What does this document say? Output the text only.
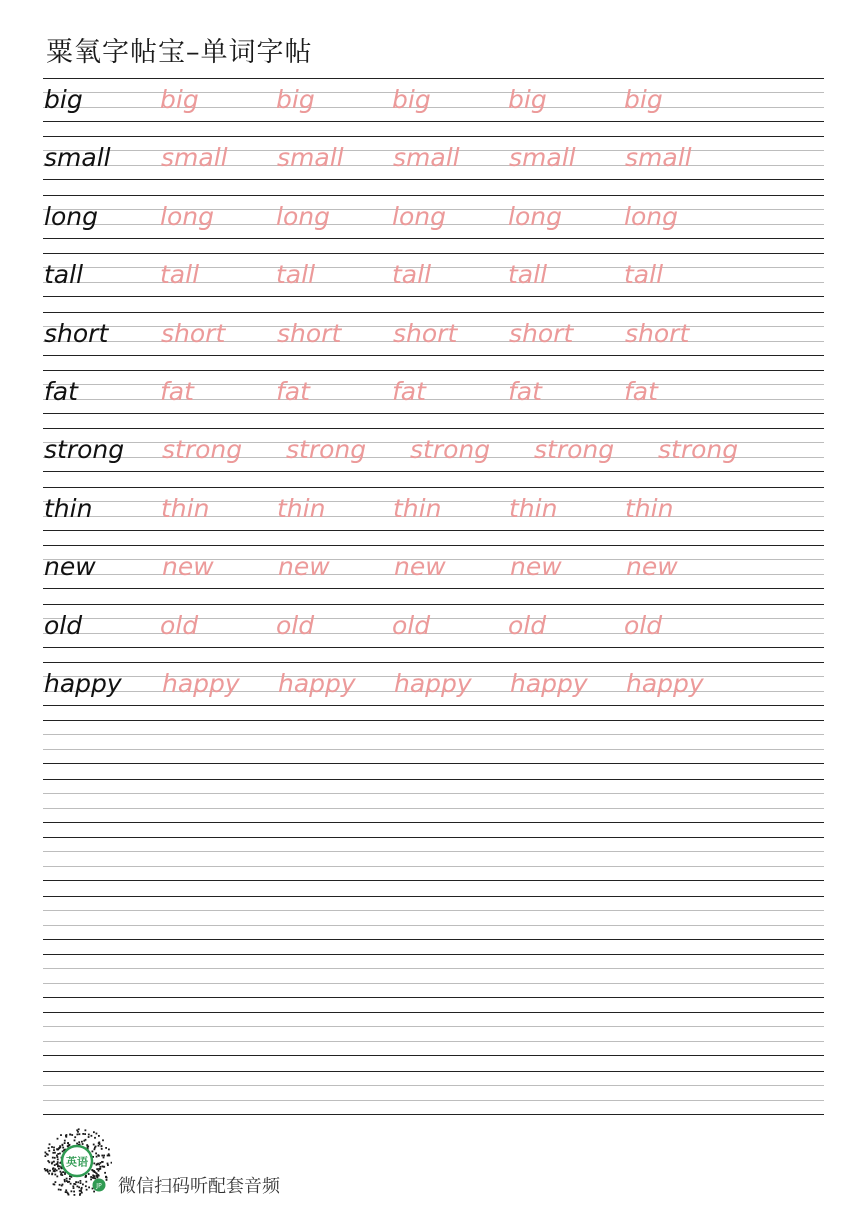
粟氧字帖宝–单词字帖
big	big	big	big	big	big
small small small small small small
long long long long long long
tall	tall	tall	tall	tall	tall
short short short short short short
fat	fat	fat	fat	fat	fat
strong strong strong strong strong strong
thin	thin	thin	thin	thin	thin
new	new	new	new	new	new
old	old	old	old	old	old
happy happy happy happy happy happy
英语
JP 微信扫码听配套音频
